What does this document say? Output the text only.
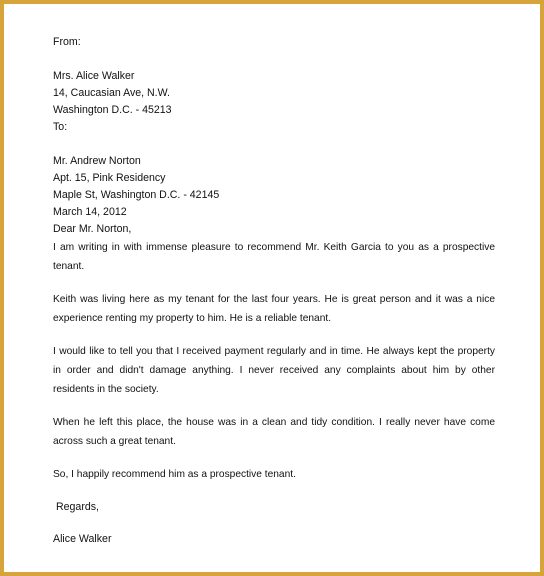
From:
Mrs. Alice Walker
14, Caucasian Ave, N.W.
Washington D.C. - 45213
To:
Mr. Andrew Norton
Apt. 15, Pink Residency
Maple St, Washington D.C. - 42145
March 14, 2012
Dear Mr. Norton,
I am writing in with immense pleasure to recommend Mr. Keith Garcia to you as a prospective tenant.
Keith was living here as my tenant for the last four years. He is great person and it was a nice experience renting my property to him. He is a reliable tenant.
I would like to tell you that I received payment regularly and in time. He always kept the property in order and didn't damage anything. I never received any complaints about him by other residents in the society.
When he left this place, the house was in a clean and tidy condition. I really never have come across such a great tenant.
So, I happily recommend him as a prospective tenant.
Regards,
Alice Walker
